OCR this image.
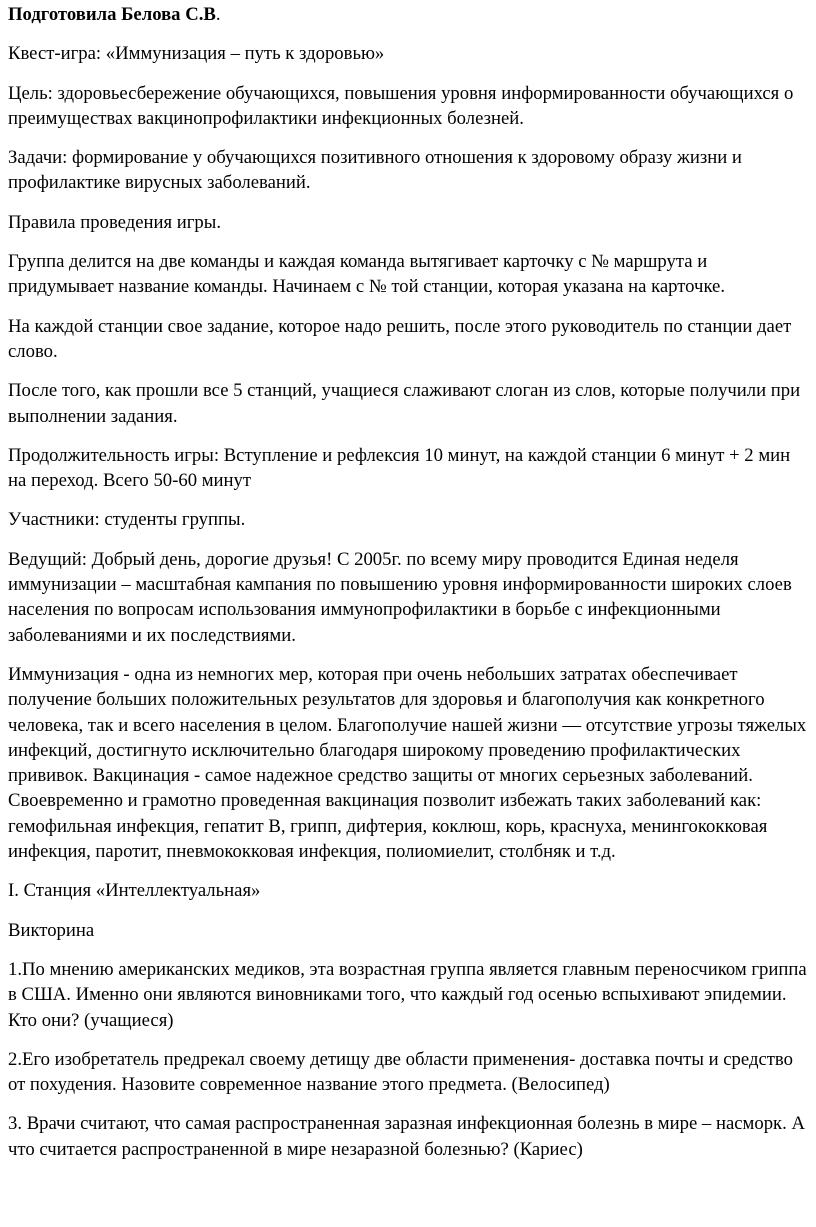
Подготовила Белова С.В.

Квест-игра: «Иммунизация – путь к здоровью»

Цель: здоровьесбережение обучающихся, повышения уровня информированности обучающихся о преимуществах вакцинопрофилактики инфекционных болезней.

Задачи: формирование у обучающихся позитивного отношения к здоровому образу жизни и профилактике вирусных заболеваний.

Правила проведения игры.

Группа делится на две команды и каждая команда вытягивает карточку с № маршрута и придумывает название команды. Начинаем с № той станции, которая указана на карточке.

На каждой станции свое задание, которое надо решить, после этого руководитель по станции дает слово.

После того, как прошли все 5 станций, учащиеся слаживают слоган из слов, которые получили при выполнении задания.

Продолжительность игры: Вступление и рефлексия 10 минут, на каждой станции 6 минут + 2 мин на переход. Всего 50-60 минут

Участники: студенты группы.

Ведущий: Добрый день, дорогие друзья! С 2005г. по всему миру проводится Единая неделя иммунизации – масштабная кампания по повышению уровня информированности широких слоев населения по вопросам использования иммунопрофилактики в борьбе с инфекционными заболеваниями и их последствиями.

Иммунизация - одна из немногих мер, которая при очень небольших затратах обеспечивает получение больших положительных результатов для здоровья и благополучия как конкретного человека, так и всего населения в целом. Благополучие нашей жизни — отсутствие угрозы тяжелых инфекций, достигнуто исключительно благодаря широкому проведению профилактических прививок. Вакцинация - самое надежное средство защиты от многих серьезных заболеваний. Своевременно и грамотно проведенная вакцинация позволит избежать таких заболеваний как: гемофильная инфекция, гепатит В, грипп, дифтерия, коклюш, корь, краснуха, менингококковая инфекция, паротит, пневмококковая инфекция, полиомиелит, столбняк и т.д.

I. Станция «Интеллектуальная»

Викторина

1.По мнению американских медиков, эта возрастная группа является главным переносчиком гриппа в США. Именно они являются виновниками того, что каждый год осенью вспыхивают эпидемии. Кто они? (учащиеся)

2.Его изобретатель предрекал своему детищу две области применения- доставка почты и средство от похудения. Назовите современное название этого предмета. (Велосипед)

3. Врачи считают, что самая распространенная заразная инфекционная болезнь в мире – насморк. А что считается распространенной в мире незаразной болезнью? (Кариес)
